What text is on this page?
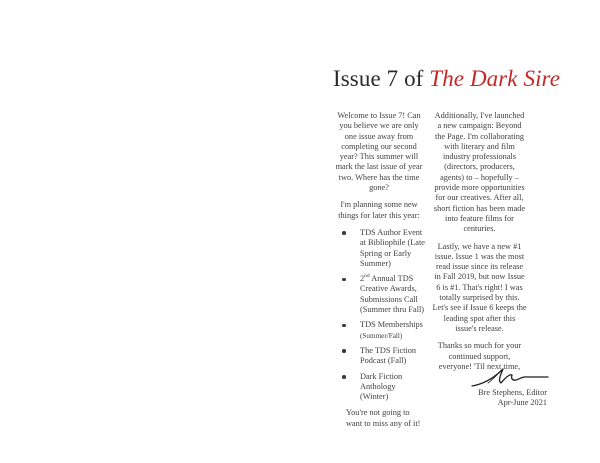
Issue 7 of The Dark Sire

Welcome to Issue 7! Can you believe we are only one issue away from completing our second year? This summer will mark the last issue of year two. Where has the time gone?

I'm planning some new things for later this year:

TDS Author Event at Bibliophile (Late Spring or Early Summer)
2nd Annual TDS Creative Awards, Submissions Call (Summer thru Fall)
TDS Memberships
(Summer/Fall)
The TDS Fiction Podcast (Fall)
Dark Fiction Anthology (Winter)

You're not going to want to miss any of it!

Additionally, I've launched a new campaign: Beyond the Page. I'm collaborating with literary and film industry professionals (directors, producers, agents) to – hopefully – provide more opportunities for our creatives. After all, short fiction has been made into feature films for centuries.

Lastly, we have a new #1 issue. Issue 1 was the most read issue since its release in Fall 2019, but now Issue 6 is #1. That's right! I was totally surprised by this. Let's see if Issue 6 keeps the leading spot after this issue's release.

Thanks so much for your continued support, everyone! 'Til next time,

Bre Stephens, Editor
Apr-June 2021
